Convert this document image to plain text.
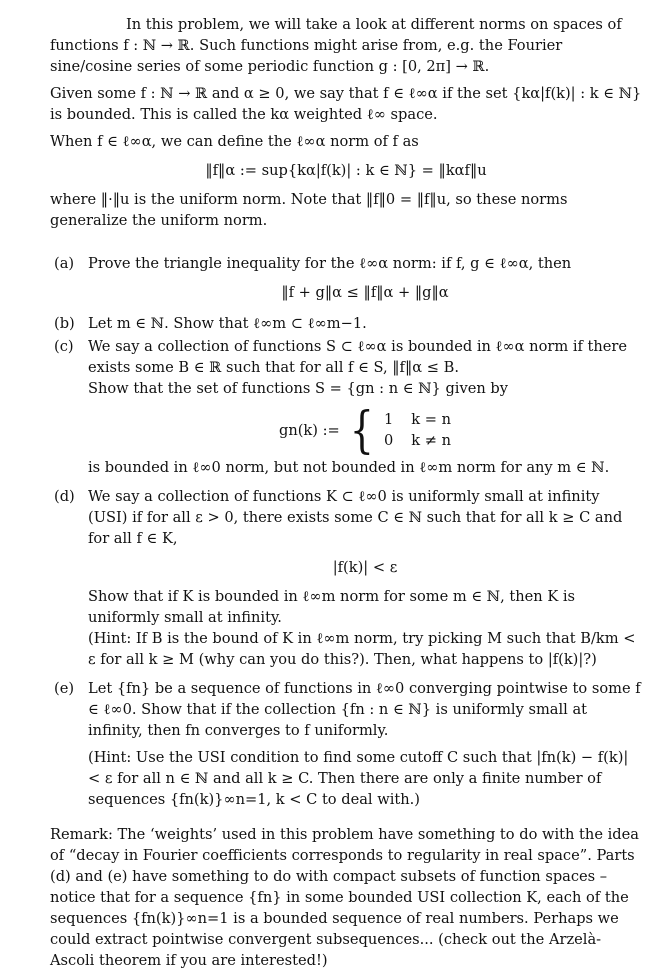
In this problem, we will take a look at different norms on spaces of functions f : ℕ → ℝ. Such functions might arise from, e.g. the Fourier sine/cosine series of some periodic function g : [0, 2π] → ℝ.

Given some f : ℕ → ℝ and α ≥ 0, we say that f ∈ ℓ∞α if the set {kα|f(k)| : k ∈ ℕ} is bounded. This is called the kα weighted ℓ∞ space.

When f ∈ ℓ∞α, we can define the ℓ∞α norm of f as

‖f‖α := sup{kα|f(k)| : k ∈ ℕ} = ‖kαf‖u

where ‖·‖u is the uniform norm. Note that ‖f‖0 = ‖f‖u, so these norms generalize the uniform norm.

(a) Prove the triangle inequality for the ℓ∞α norm: if f, g ∈ ℓ∞α, then

‖f + g‖α ≤ ‖f‖α + ‖g‖α

(b) Let m ∈ ℕ. Show that ℓ∞m ⊂ ℓ∞m−1.

(c) We say a collection of functions S ⊂ ℓ∞α is bounded in ℓ∞α norm if there exists some B ∈ ℝ such that for all f ∈ S, ‖f‖α ≤ B.

Show that the set of functions S = {gn : n ∈ ℕ} given by

gn(k) := { 1 k = n
0 k ≠ n

is bounded in ℓ∞0 norm, but not bounded in ℓ∞m norm for any m ∈ ℕ.

(d) We say a collection of functions K ⊂ ℓ∞0 is uniformly small at infinity (USI) if for all ε > 0, there exists some C ∈ ℕ such that for all k ≥ C and for all f ∈ K,

|f(k)| < ε

Show that if K is bounded in ℓ∞m norm for some m ∈ ℕ, then K is uniformly small at infinity.

(Hint: If B is the bound of K in ℓ∞m norm, try picking M such that B/km < ε for all k ≥ M (why can you do this?). Then, what happens to |f(k)|?)

(e) Let {fn} be a sequence of functions in ℓ∞0 converging pointwise to some f ∈ ℓ∞0. Show that if the collection {fn : n ∈ ℕ} is uniformly small at infinity, then fn converges to f uniformly.

(Hint: Use the USI condition to find some cutoff C such that |fn(k) − f(k)| < ε for all n ∈ ℕ and all k ≥ C. Then there are only a finite number of sequences {fn(k)}∞n=1, k < C to deal with.)

Remark: The ‘weights’ used in this problem have something to do with the idea of “decay in Fourier coefficients corresponds to regularity in real space”. Parts (d) and (e) have something to do with compact subsets of function spaces – notice that for a sequence {fn} in some bounded USI collection K, each of the sequences {fn(k)}∞n=1 is a bounded sequence of real numbers. Perhaps we could extract pointwise convergent subsequences... (check out the Arzelà-Ascoli theorem if you are interested!)
